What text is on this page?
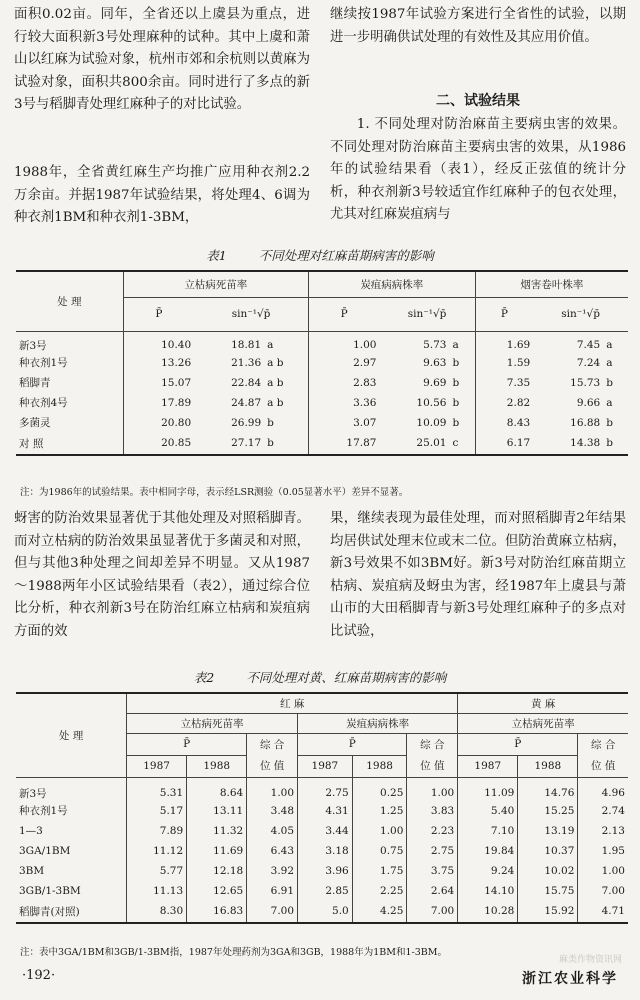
面积0.02亩。同年，全省还以上虞县为重点，进行较大面积新3号处理麻种的试种。其中上虞和萧山以红麻为试验对象，杭州市郊和余杭则以黄麻为试验对象，面积共800余亩。同时进行了多点的新3号与稻脚青处理红麻种子的对比试验。

1988年，全省黄红麻生产均推广应用种衣剂2.2万余亩。并据1987年试验结果，将处理4、6调为种衣剂1BM和种衣剂1-3BM，

继续按1987年试验方案进行全省性的试验，以期进一步明确供试处理的有效性及其应用价值。

二、试验结果

1. 不同处理对防治麻苗主要病虫害的效果。不同处理对防治麻苗主要病虫害的效果，从1986年的试验结果看（表1），经反正弦值的统计分析，种衣剂新3号较适宜作红麻种子的包衣处理，尤其对红麻炭疽病与

表1	不同处理对红麻苗期病害的影响
处 理	立枯病死苗率			炭疽病病株率			烟害卷叶株率		
	P̄	sin⁻¹√p̄		P̄	sin⁻¹√p̄		P̄	sin⁻¹√p̄	
新3号	10.40	18.81	a	1.00	5.73	a	1.69	7.45	a
种衣剂1号	13.26	21.36	a b	2.97	9.63	b	1.59	7.24	a
稻脚青	15.07	22.84	a b	2.83	9.69	b	7.35	15.73	b
种衣剂4号	17.89	24.87	a b	3.36	10.56	b	2.82	9.66	a
多菌灵	20.80	26.99	b	3.07	10.09	b	8.43	16.88	b
对 照	20.85	27.17	b	17.87	25.01	c	6.17	14.38	b

注：为1986年的试验结果。表中相同字母，表示经LSR测验（0.05显著水平）差异不显著。

蚜害的防治效果显著优于其他处理及对照稻脚青。而对立枯病的防治效果虽显著优于多菌灵和对照，但与其他3种处理之间却差异不明显。又从1987～1988两年小区试验结果看（表2），通过综合位比分析，种衣剂新3号在防治红麻立枯病和炭疽病方面的效

果，继续表现为最佳处理，而对照稻脚青2年结果均居供试处理末位或末二位。但防治黄麻立枯病，新3号效果不如3BM好。新3号对防治红麻苗期立枯病、炭疽病及蚜虫为害，经1987年上虞县与萧山市的大田稻脚青与新3号处理红麻种子的多点对比试验，

表2	不同处理对黄、红麻苗期病害的影响
处 理	红 麻						黄 麻		
	立枯病死苗率			炭疽病病株率			立枯病死苗率		
	P̄		综 合	P̄		综 合	P̄		综 合
	1987	1988	位 值	1987	1988	位 值	1987	1988	位 值
新3号	5.31	8.64	1.00	2.75	0.25	1.00	11.09	14.76	4.96
种衣剂1号	5.17	13.11	3.48	4.31	1.25	3.83	5.40	15.25	2.74
1—3	7.89	11.32	4.05	3.44	1.00	2.23	7.10	13.19	2.13
3GA/1BM	11.12	11.69	6.43	3.18	0.75	2.75	19.84	10.37	1.95
3BM	5.77	12.18	3.92	3.96	1.75	3.75	9.24	10.02	1.00
3GB/1-3BM	11.13	12.65	6.91	2.85	2.25	2.64	14.10	15.75	7.00
稻脚青(对照)	8.30	16.83	7.00	5.0	4.25	7.00	10.28	15.92	4.71

注：表中3GA/1BM和3GB/1-3BM指，1987年处理药剂为3GA和3GB，1988年为1BM和1-3BM。

·192·
麻类作物资讯网
浙江农业科学
